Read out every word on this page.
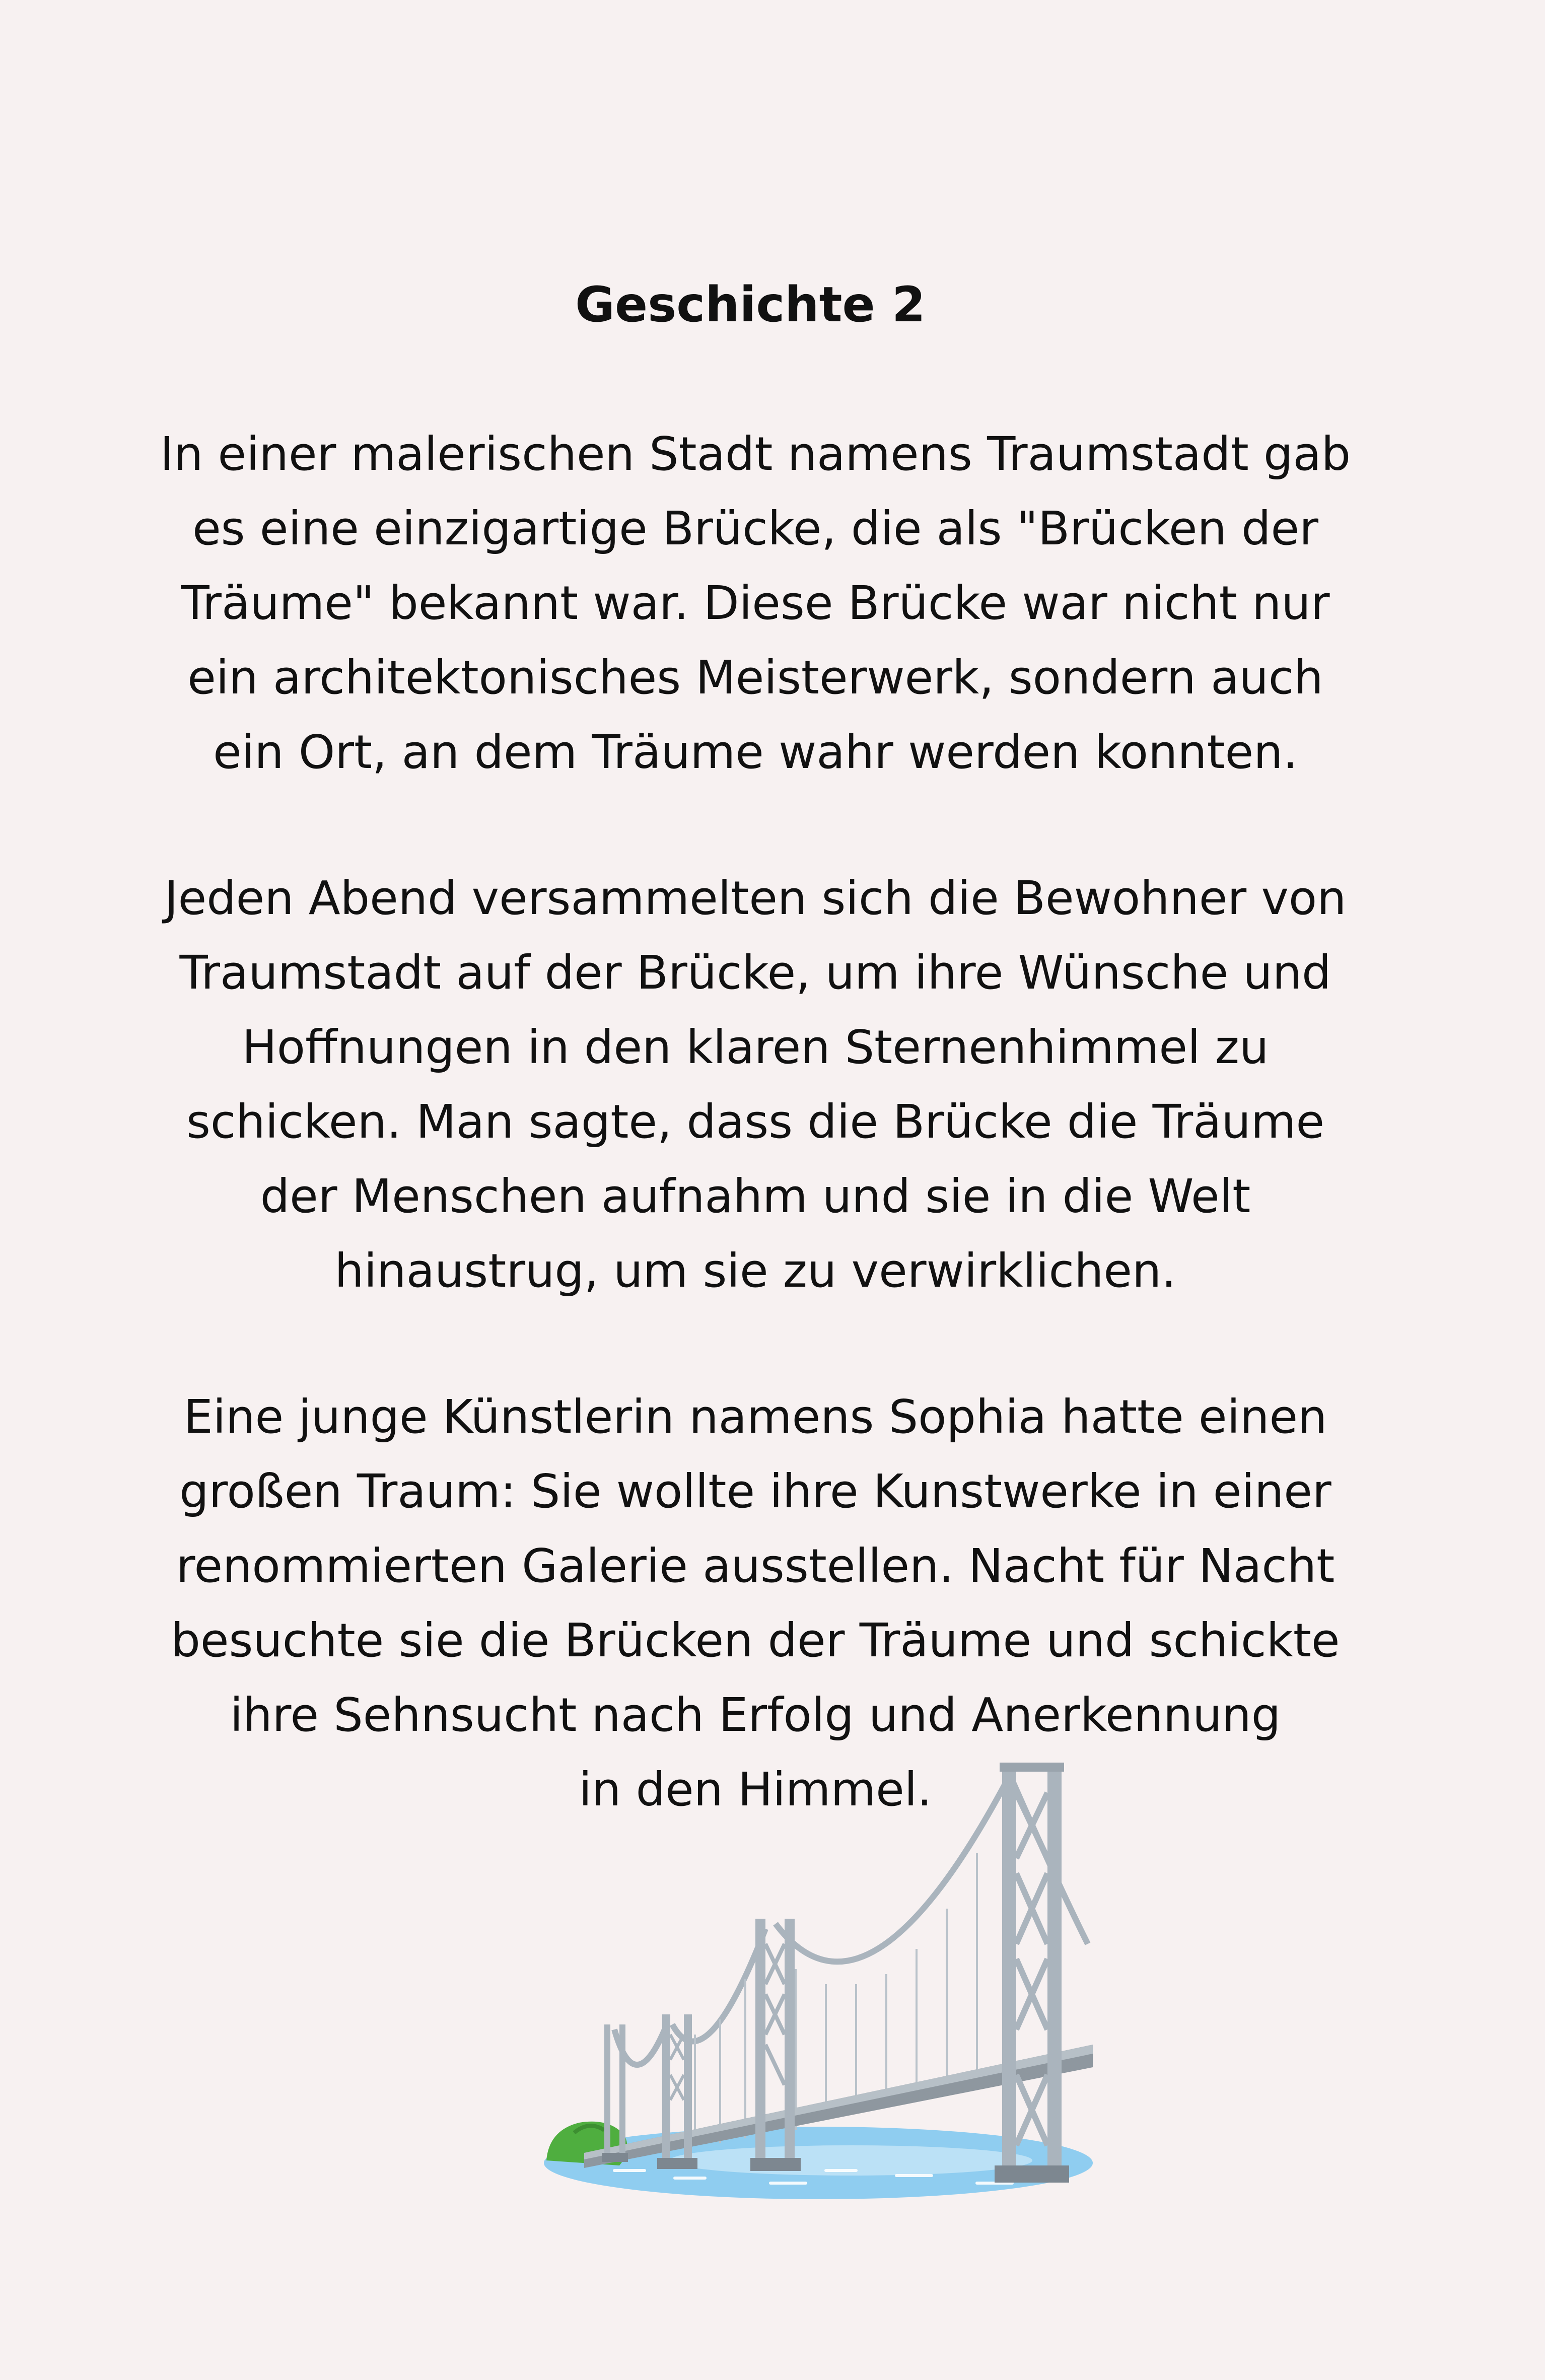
Geschichte 2
In einer malerischen Stadt namens Traumstadt gab
es eine einzigartige Brücke, die als "Brücken der
Träume" bekannt war. Diese Brücke war nicht nur
ein architektonisches Meisterwerk, sondern auch
ein Ort, an dem Träume wahr werden konnten.
Jeden Abend versammelten sich die Bewohner von
Traumstadt auf der Brücke, um ihre Wünsche und
Hoffnungen in den klaren Sternenhimmel zu
schicken. Man sagte, dass die Brücke die Träume
der Menschen aufnahm und sie in die Welt
hinaustrug, um sie zu verwirklichen.
Eine junge Künstlerin namens Sophia hatte einen
großen Traum: Sie wollte ihre Kunstwerke in einer
renommierten Galerie ausstellen. Nacht für Nacht
besuchte sie die Brücken der Träume und schickte
ihre Sehnsucht nach Erfolg und Anerkennung
in den Himmel.
